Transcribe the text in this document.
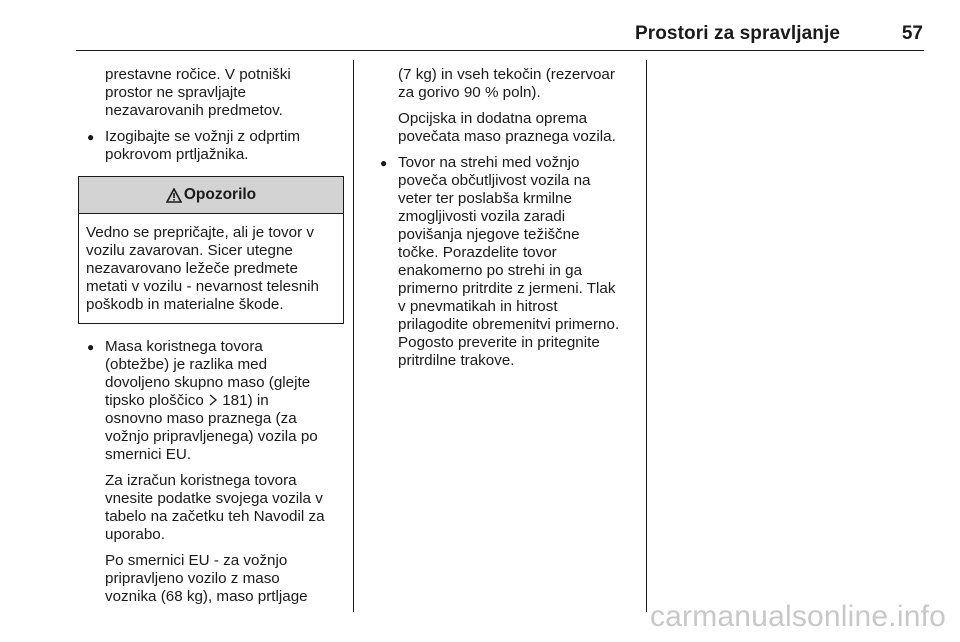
Prostori za spravljanje	57

prestavne ročice. V potniški
prostor ne spravljajte
nezavarovanih predmetov.

● Izogibajte se vožnji z odprtim
pokrovom prtljažnika.
Opozorilo
Vedno se prepričajte, ali je tovor v
vozilu zavarovan. Sicer utegne
nezavarovano ležeče predmete
metati v vozilu - nevarnost telesnih
poškodb in materialne škode.
● Masa koristnega tovora
(obtežbe) je razlika med
dovoljeno skupno maso (glejte
tipsko ploščico 181) in
osnovno maso praznega (za
vožnjo pripravljenega) vozila po
smernici EU.

Za izračun koristnega tovora
vnesite podatke svojega vozila v
tabelo na začetku teh Navodil za
uporabo.

Po smernici EU - za vožnjo
pripravljeno vozilo z maso
voznika (68 kg), maso prtljage

(7 kg) in vseh tekočin (rezervoar
za gorivo 90 % poln).

Opcijska in dodatna oprema
povečata maso praznega vozila.

● Tovor na strehi med vožnjo
poveča občutljivost vozila na
veter ter poslabša krmilne
zmogljivosti vozila zaradi
povišanja njegove težiščne
točke. Porazdelite tovor
enakomerno po strehi in ga
primerno pritrdite z jermeni. Tlak
v pnevmatikah in hitrost
prilagodite obremenitvi primerno.
Pogosto preverite in pritegnite
pritrdilne trakove.
carmanualsonline.info
